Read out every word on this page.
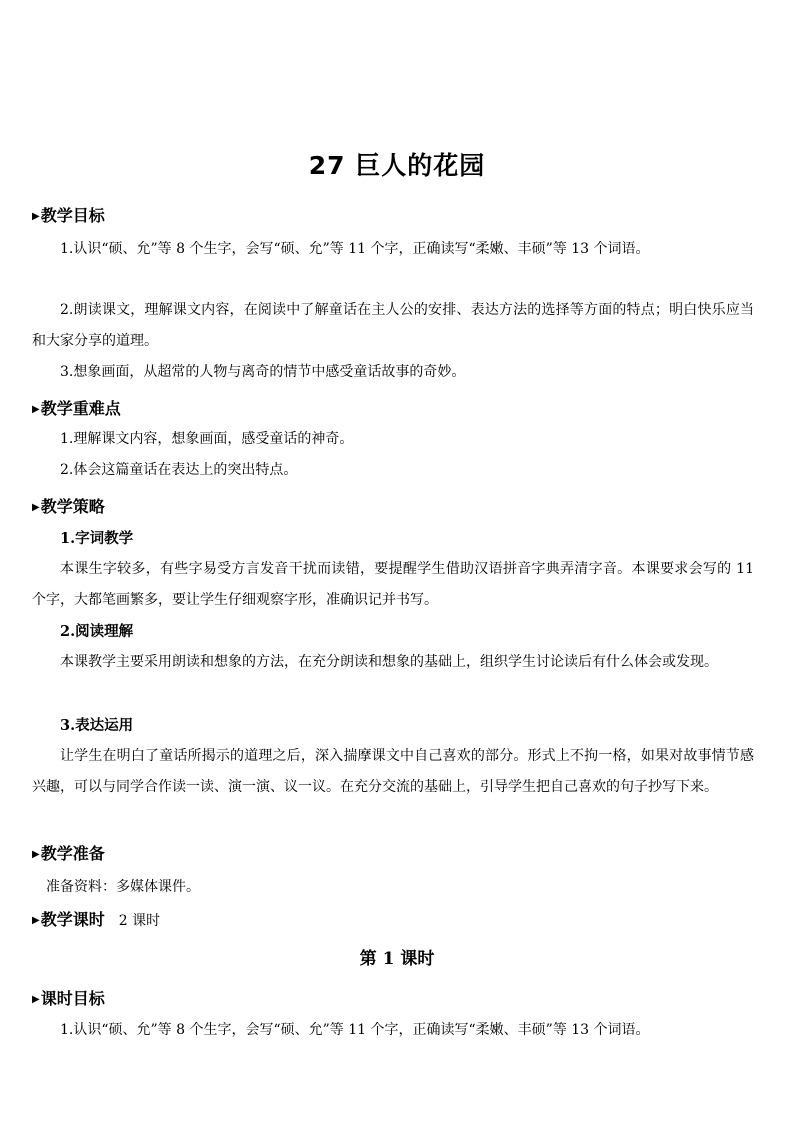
27 巨人的花园
▶教学目标
1.认识“硕、允”等 8 个生字，会写“硕、允”等 11 个字，正确读写“柔嫩、丰硕”等 13 个词语。
2.朗读课文，理解课文内容，在阅读中了解童话在主人公的安排、表达方法的选择等方面的特点；明白快乐应当和大家分享的道理。
3.想象画面，从超常的人物与离奇的情节中感受童话故事的奇妙。
▶教学重难点
1.理解课文内容，想象画面，感受童话的神奇。
2.体会这篇童话在表达上的突出特点。
▶教学策略
1.字词教学
本课生字较多，有些字易受方言发音干扰而读错，要提醒学生借助汉语拼音字典弄清字音。本课要求会写的 11 个字，大都笔画繁多，要让学生仔细观察字形，准确识记并书写。
2.阅读理解
本课教学主要采用朗读和想象的方法，在充分朗读和想象的基础上，组织学生讨论读后有什么体会或发现。
3.表达运用
让学生在明白了童话所揭示的道理之后，深入揣摩课文中自己喜欢的部分。形式上不拘一格，如果对故事情节感兴趣，可以与同学合作读一读、演一演、议一议。在充分交流的基础上，引导学生把自己喜欢的句子抄写下来。
▶教学准备
准备资料：多媒体课件。
▶教学课时 2 课时
第 1 课时
▶课时目标
1.认识“硕、允”等 8 个生字，会写“硕、允”等 11 个字，正确读写“柔嫩、丰硕”等 13 个词语。
